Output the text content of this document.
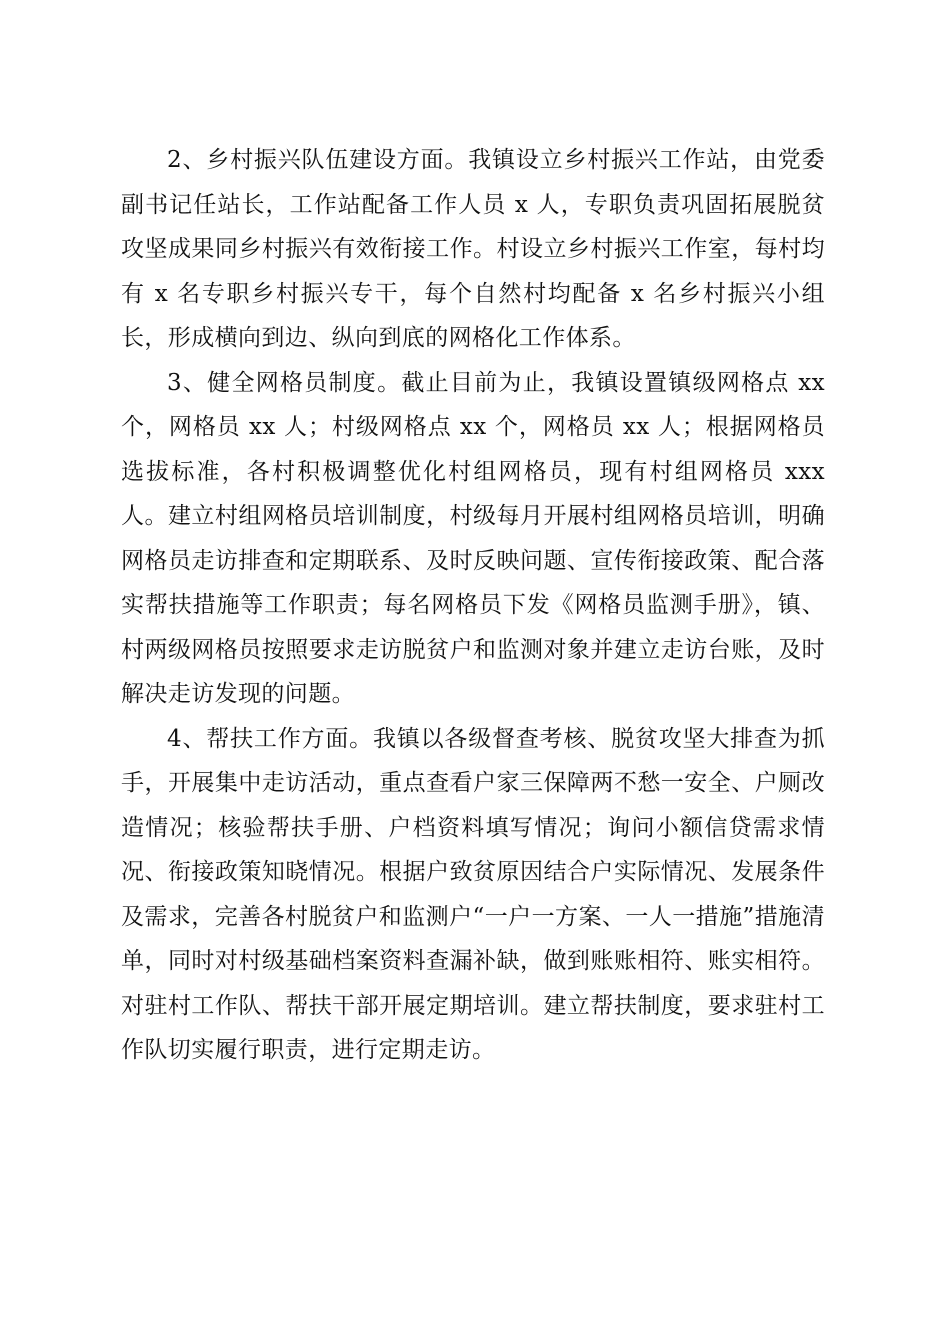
2、乡村振兴队伍建设方面。我镇设立乡村振兴工作站，由党委副书记任站长，工作站配备工作人员 x 人，专职负责巩固拓展脱贫攻坚成果同乡村振兴有效衔接工作。村设立乡村振兴工作室，每村均有 x 名专职乡村振兴专干，每个自然村均配备 x 名乡村振兴小组长，形成横向到边、纵向到底的网格化工作体系。

3、健全网格员制度。截止目前为止，我镇设置镇级网格点 xx 个，网格员 xx 人；村级网格点 xx 个，网格员 xx 人；根据网格员选拔标准，各村积极调整优化村组网格员，现有村组网格员 xxx 人。建立村组网格员培训制度，村级每月开展村组网格员培训，明确网格员走访排查和定期联系、及时反映问题、宣传衔接政策、配合落实帮扶措施等工作职责；每名网格员下发《网格员监测手册》，镇、村两级网格员按照要求走访脱贫户和监测对象并建立走访台账，及时解决走访发现的问题。

4、帮扶工作方面。我镇以各级督查考核、脱贫攻坚大排查为抓手，开展集中走访活动，重点查看户家三保障两不愁一安全、户厕改造情况；核验帮扶手册、户档资料填写情况；询问小额信贷需求情况、衔接政策知晓情况。根据户致贫原因结合户实际情况、发展条件及需求，完善各村脱贫户和监测户“一户一方案、一人一措施”措施清单，同时对村级基础档案资料查漏补缺，做到账账相符、账实相符。对驻村工作队、帮扶干部开展定期培训。建立帮扶制度，要求驻村工作队切实履行职责，进行定期走访。
